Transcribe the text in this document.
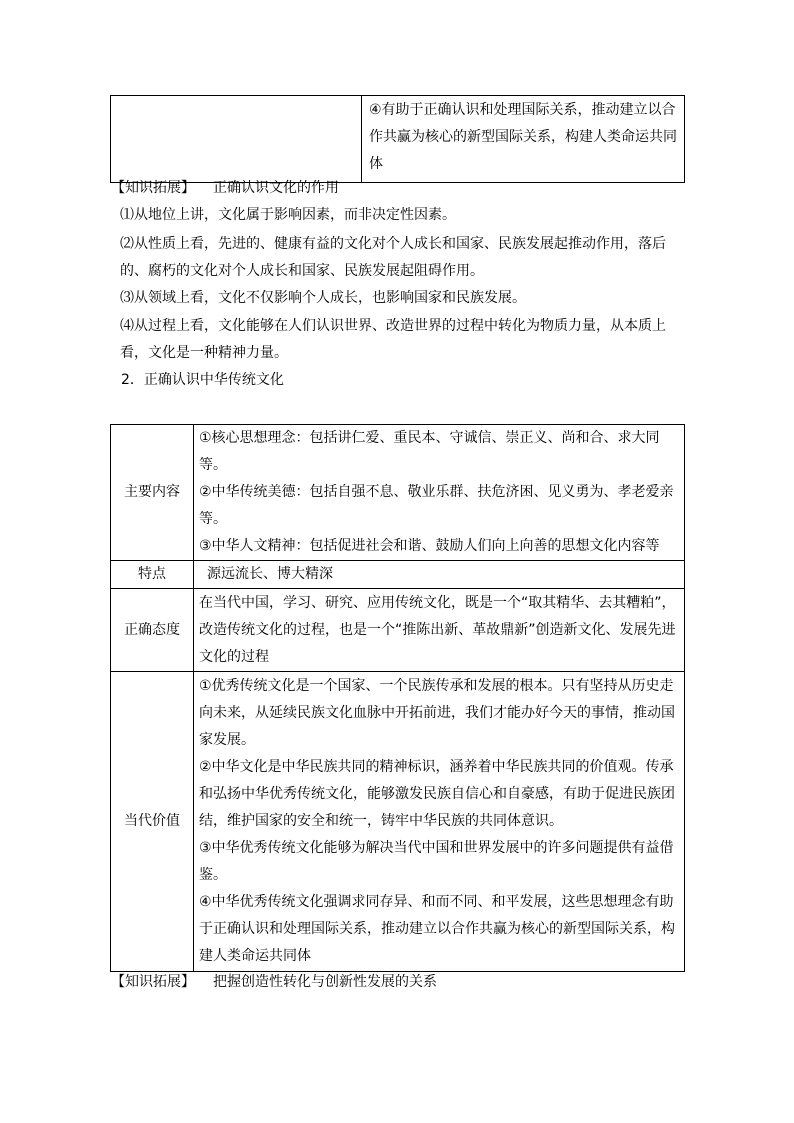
	④有助于正确认识和处理国际关系，推动建立以合作共赢为核心的新型国际关系，构建人类命运共同体
【知识拓展】 正确认识文化的作用

⑴从地位上讲，文化属于影响因素，而非决定性因素。

⑵从性质上看，先进的、健康有益的文化对个人成长和国家、民族发展起推动作用，落后的、腐朽的文化对个人成长和国家、民族发展起阻碍作用。

⑶从领域上看，文化不仅影响个人成长，也影响国家和民族发展。

⑷从过程上看，文化能够在人们认识世界、改造世界的过程中转化为物质力量，从本质上看，文化是一种精神力量。

2．正确认识中华传统文化

主要内容	①核心思想理念：包括讲仁爱、重民本、守诚信、崇正义、尚和合、求大同等。
②中华传统美德：包括自强不息、敬业乐群、扶危济困、见义勇为、孝老爱亲等。
③中华人文精神：包括促进社会和谐、鼓励人们向上向善的思想文化内容等

特点	源远流长、博大精深

正确态度	在当代中国，学习、研究、应用传统文化，既是一个“取其精华、去其糟粕”，改造传统文化的过程，也是一个“推陈出新、革故鼎新”创造新文化、发展先进文化的过程

当代价值	①优秀传统文化是一个国家、一个民族传承和发展的根本。只有坚持从历史走向未来，从延续民族文化血脉中开拓前进，我们才能办好今天的事情，推动国家发展。
②中华文化是中华民族共同的精神标识，涵养着中华民族共同的价值观。传承和弘扬中华优秀传统文化，能够激发民族自信心和自豪感，有助于促进民族团结，维护国家的安全和统一，铸牢中华民族的共同体意识。
③中华优秀传统文化能够为解决当代中国和世界发展中的许多问题提供有益借鉴。
④中华优秀传统文化强调求同存异、和而不同、和平发展，这些思想理念有助于正确认识和处理国际关系，推动建立以合作共赢为核心的新型国际关系，构建人类命运共同体
【知识拓展】 把握创造性转化与创新性发展的关系
